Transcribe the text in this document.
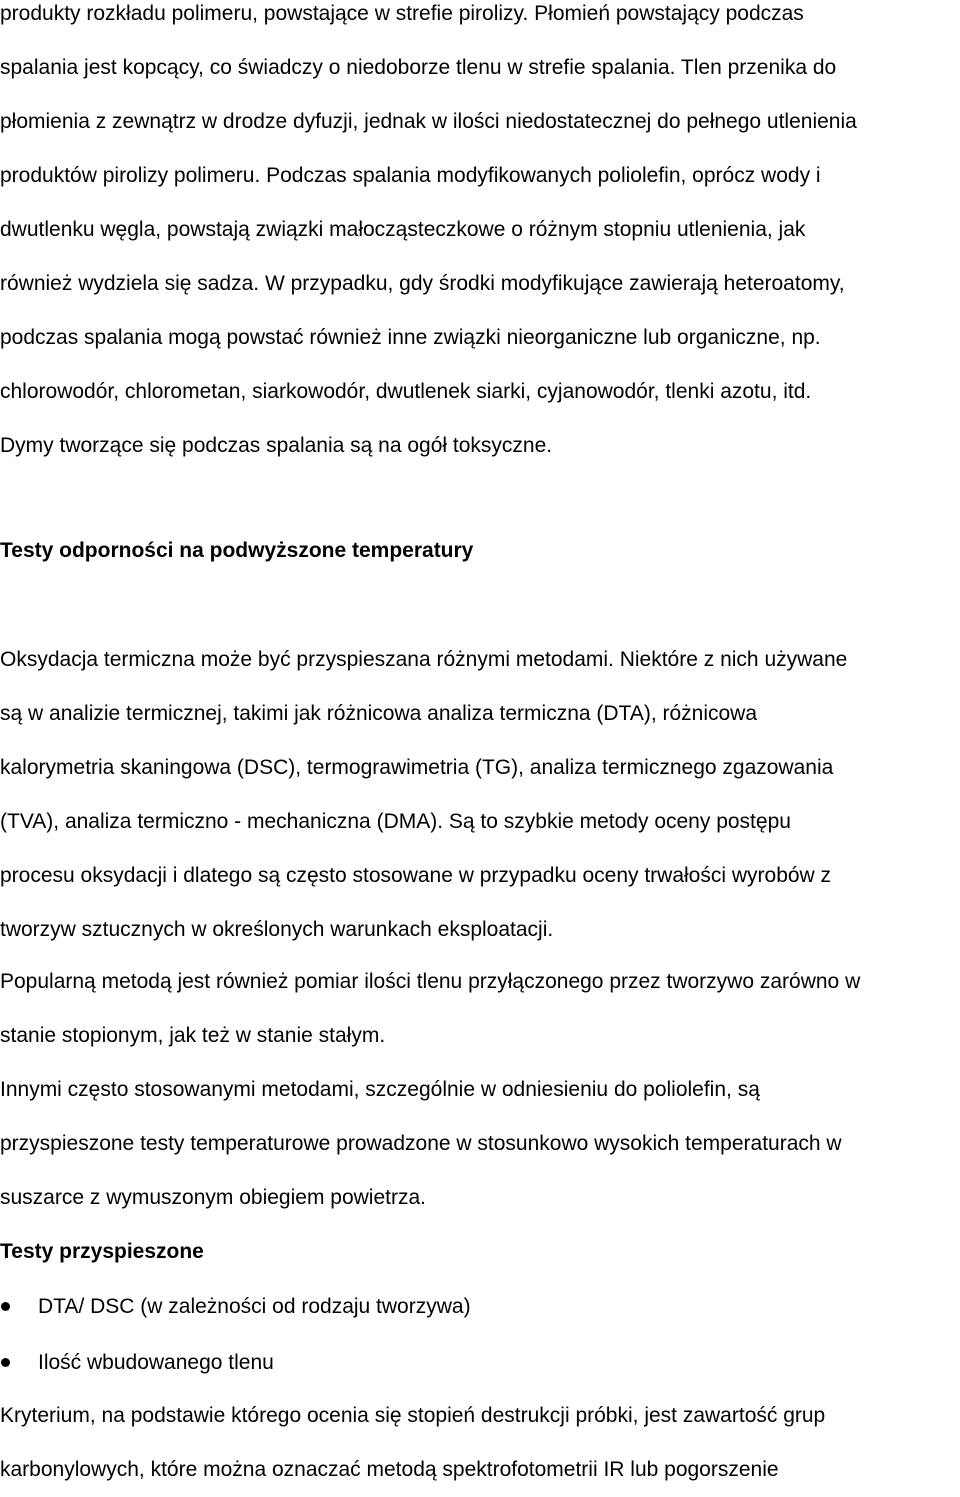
produkty rozkładu polimeru, powstające w strefie pirolizy. Płomień powstający podczas
spalania jest kopcący, co świadczy o niedoborze tlenu w strefie spalania. Tlen przenika do
płomienia z zewnątrz w drodze dyfuzji, jednak w ilości niedostatecznej do pełnego utlenienia
produktów pirolizy polimeru. Podczas spalania modyfikowanych poliolefin, oprócz wody i
dwutlenku węgla, powstają związki małocząsteczkowe o różnym stopniu utlenienia, jak
również wydziela się sadza. W przypadku, gdy środki modyfikujące zawierają heteroatomy,
podczas spalania mogą powstać również inne związki nieorganiczne lub organiczne, np.
chlorowodór, chlorometan, siarkowodór, dwutlenek siarki, cyjanowodór, tlenki azotu, itd.
Dymy tworzące się podczas spalania są na ogół toksyczne.
Testy odporności na podwyższone temperatury
Oksydacja termiczna może być przyspieszana różnymi metodami. Niektóre z nich używane
są w analizie termicznej, takimi jak różnicowa analiza termiczna (DTA), różnicowa
kalorymetria skaningowa (DSC), termograwimetria (TG), analiza termicznego zgazowania
(TVA), analiza termiczno - mechaniczna (DMA). Są to szybkie metody oceny postępu
procesu oksydacji i dlatego są często stosowane w przypadku oceny trwałości wyrobów z
tworzyw sztucznych w określonych warunkach eksploatacji.
Popularną metodą jest również pomiar ilości tlenu przyłączonego przez tworzywo zarówno w
stanie stopionym, jak też w stanie stałym.
Innymi często stosowanymi metodami, szczególnie w odniesieniu do poliolefin, są
przyspieszone testy temperaturowe prowadzone w stosunkowo wysokich temperaturach w
suszarce z wymuszonym obiegiem powietrza.
Testy przyspieszone
DTA/ DSC (w zależności od rodzaju tworzywa)
Ilość wbudowanego tlenu
Kryterium, na podstawie którego ocenia się stopień destrukcji próbki, jest zawartość grup
karbonylowych, które można oznaczać metodą spektrofotometrii IR lub pogorszenie
